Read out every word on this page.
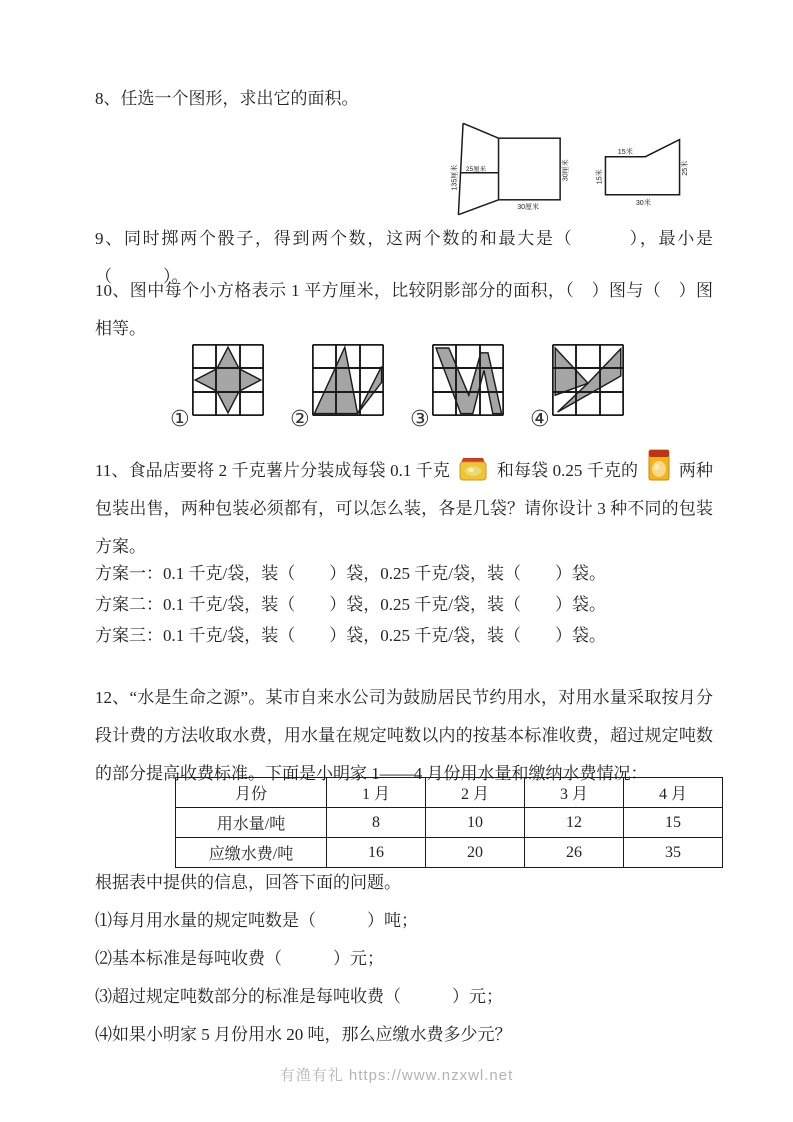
8、任选一个图形，求出它的面积。
135厘米 25厘米	30厘米
30厘米
15米
15米
25米
30米
9、同时掷两个骰子，得到两个数，这两个数的和最大是（　　　），最小是（　　　）。
10、图中每个小方格表示 1 平方厘米，比较阴影部分的面积，（　）图与（　）图相等。
①	②	③	④
11、食品店要将 2 千克薯片分装成每袋 0.1 千克	和每袋 0.25 千克的 两种包装出售，两种包装必须都有，可以怎么装，各是几袋？请你设计 3 种不同的包装方案。
方案一：0.1 千克/袋，装（　　）袋，0.25 千克/袋，装（　　）袋。
方案二：0.1 千克/袋，装（　　）袋，0.25 千克/袋，装（　　）袋。
方案三：0.1 千克/袋，装（　　）袋，0.25 千克/袋，装（　　）袋。
12、“水是生命之源”。某市自来水公司为鼓励居民节约用水，对用水量采取按月分段计费的方法收取水费，用水量在规定吨数以内的按基本标准收费，超过规定吨数的部分提高收费标准。下面是小明家 1——4 月份用水量和缴纳水费情况：
月份	1 月	2 月	3 月	4 月
用水量/吨	8	10	12	15
应缴水费/吨	16	20	26	35
根据表中提供的信息，回答下面的问题。
⑴每月用水量的规定吨数是（　　　）吨；
⑵基本标准是每吨收费（　　　）元；
⑶超过规定吨数部分的标准是每吨收费（　　　）元；
⑷如果小明家 5 月份用水 20 吨，那么应缴水费多少元？
有渔有礼 https://www.nzxwl.net
